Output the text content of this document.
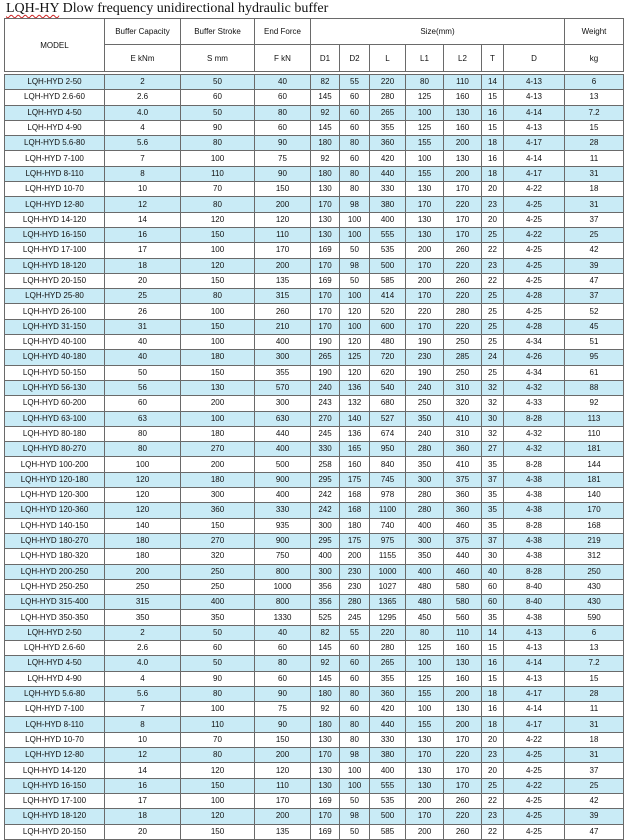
LQH-HY Dlow frequency unidirectional hydraulic buffer
MODEL	Buffer Capacity	Buffer Stroke	End Force	Size(mm)							Weight
	E kNm	S mm	F kN	D1	D2	L	L1	L2	T	D	kg

LQH-HYD 2-50	2	50	40	82	55	220	80	110	14	4-13	6
LQH-HYD 2.6-60	2.6	60	60	145	60	280	125	160	15	4-13	13
LQH-HYD 4-50	4.0	50	80	92	60	265	100	130	16	4-14	7.2
LQH-HYD 4-90	4	90	60	145	60	355	125	160	15	4-13	15
LQH-HYD 5.6-80	5.6	80	90	180	80	360	155	200	18	4-17	28
LQH-HYD 7-100	7	100	75	92	60	420	100	130	16	4-14	11
LQH-HYD 8-110	8	110	90	180	80	440	155	200	18	4-17	31
LQH-HYD 10-70	10	70	150	130	80	330	130	170	20	4-22	18
LQH-HYD 12-80	12	80	200	170	98	380	170	220	23	4-25	31
LQH-HYD 14-120	14	120	120	130	100	400	130	170	20	4-25	37
LQH-HYD 16-150	16	150	110	130	100	555	130	170	25	4-22	25
LQH-HYD 17-100	17	100	170	169	50	535	200	260	22	4-25	42
LQH-HYD 18-120	18	120	200	170	98	500	170	220	23	4-25	39
LQH-HYD 20-150	20	150	135	169	50	585	200	260	22	4-25	47
LQH-HYD 25-80	25	80	315	170	100	414	170	220	25	4-28	37
LQH-HYD 26-100	26	100	260	170	120	520	220	280	25	4-25	52
LQH-HYD 31-150	31	150	210	170	100	600	170	220	25	4-28	45
LQH-HYD 40-100	40	100	400	190	120	480	190	250	25	4-34	51
LQH-HYD 40-180	40	180	300	265	125	720	230	285	24	4-26	95
LQH-HYD 50-150	50	150	355	190	120	620	190	250	25	4-34	61
LQH-HYD 56-130	56	130	570	240	136	540	240	310	32	4-32	88
LQH-HYD 60-200	60	200	300	243	132	680	250	320	32	4-33	92
LQH-HYD 63-100	63	100	630	270	140	527	350	410	30	8-28	113
LQH-HYD 80-180	80	180	440	245	136	674	240	310	32	4-32	110
LQH-HYD 80-270	80	270	400	330	165	950	280	360	27	4-32	181
LQH-HYD 100-200	100	200	500	258	160	840	350	410	35	8-28	144
LQH-HYD 120-180	120	180	900	295	175	745	300	375	37	4-38	181
LQH-HYD 120-300	120	300	400	242	168	978	280	360	35	4-38	140
LQH-HYD 120-360	120	360	330	242	168	1100	280	360	35	4-38	170
LQH-HYD 140-150	140	150	935	300	180	740	400	460	35	8-28	168
LQH-HYD 180-270	180	270	900	295	175	975	300	375	37	4-38	219
LQH-HYD 180-320	180	320	750	400	200	1155	350	440	30	4-38	312
LQH-HYD 200-250	200	250	800	300	230	1000	400	460	40	8-28	250
LQH-HYD 250-250	250	250	1000	356	230	1027	480	580	60	8-40	430
LQH-HYD 315-400	315	400	800	356	280	1365	480	580	60	8-40	430
LQH-HYD 350-350	350	350	1330	525	245	1295	450	560	35	4-38	590
LQH-HYD 2-50	2	50	40	82	55	220	80	110	14	4-13	6
LQH-HYD 2.6-60	2.6	60	60	145	60	280	125	160	15	4-13	13
LQH-HYD 4-50	4.0	50	80	92	60	265	100	130	16	4-14	7.2
LQH-HYD 4-90	4	90	60	145	60	355	125	160	15	4-13	15
LQH-HYD 5.6-80	5.6	80	90	180	80	360	155	200	18	4-17	28
LQH-HYD 7-100	7	100	75	92	60	420	100	130	16	4-14	11
LQH-HYD 8-110	8	110	90	180	80	440	155	200	18	4-17	31
LQH-HYD 10-70	10	70	150	130	80	330	130	170	20	4-22	18
LQH-HYD 12-80	12	80	200	170	98	380	170	220	23	4-25	31
LQH-HYD 14-120	14	120	120	130	100	400	130	170	20	4-25	37
LQH-HYD 16-150	16	150	110	130	100	555	130	170	25	4-22	25
LQH-HYD 17-100	17	100	170	169	50	535	200	260	22	4-25	42
LQH-HYD 18-120	18	120	200	170	98	500	170	220	23	4-25	39
LQH-HYD 20-150	20	150	135	169	50	585	200	260	22	4-25	47
